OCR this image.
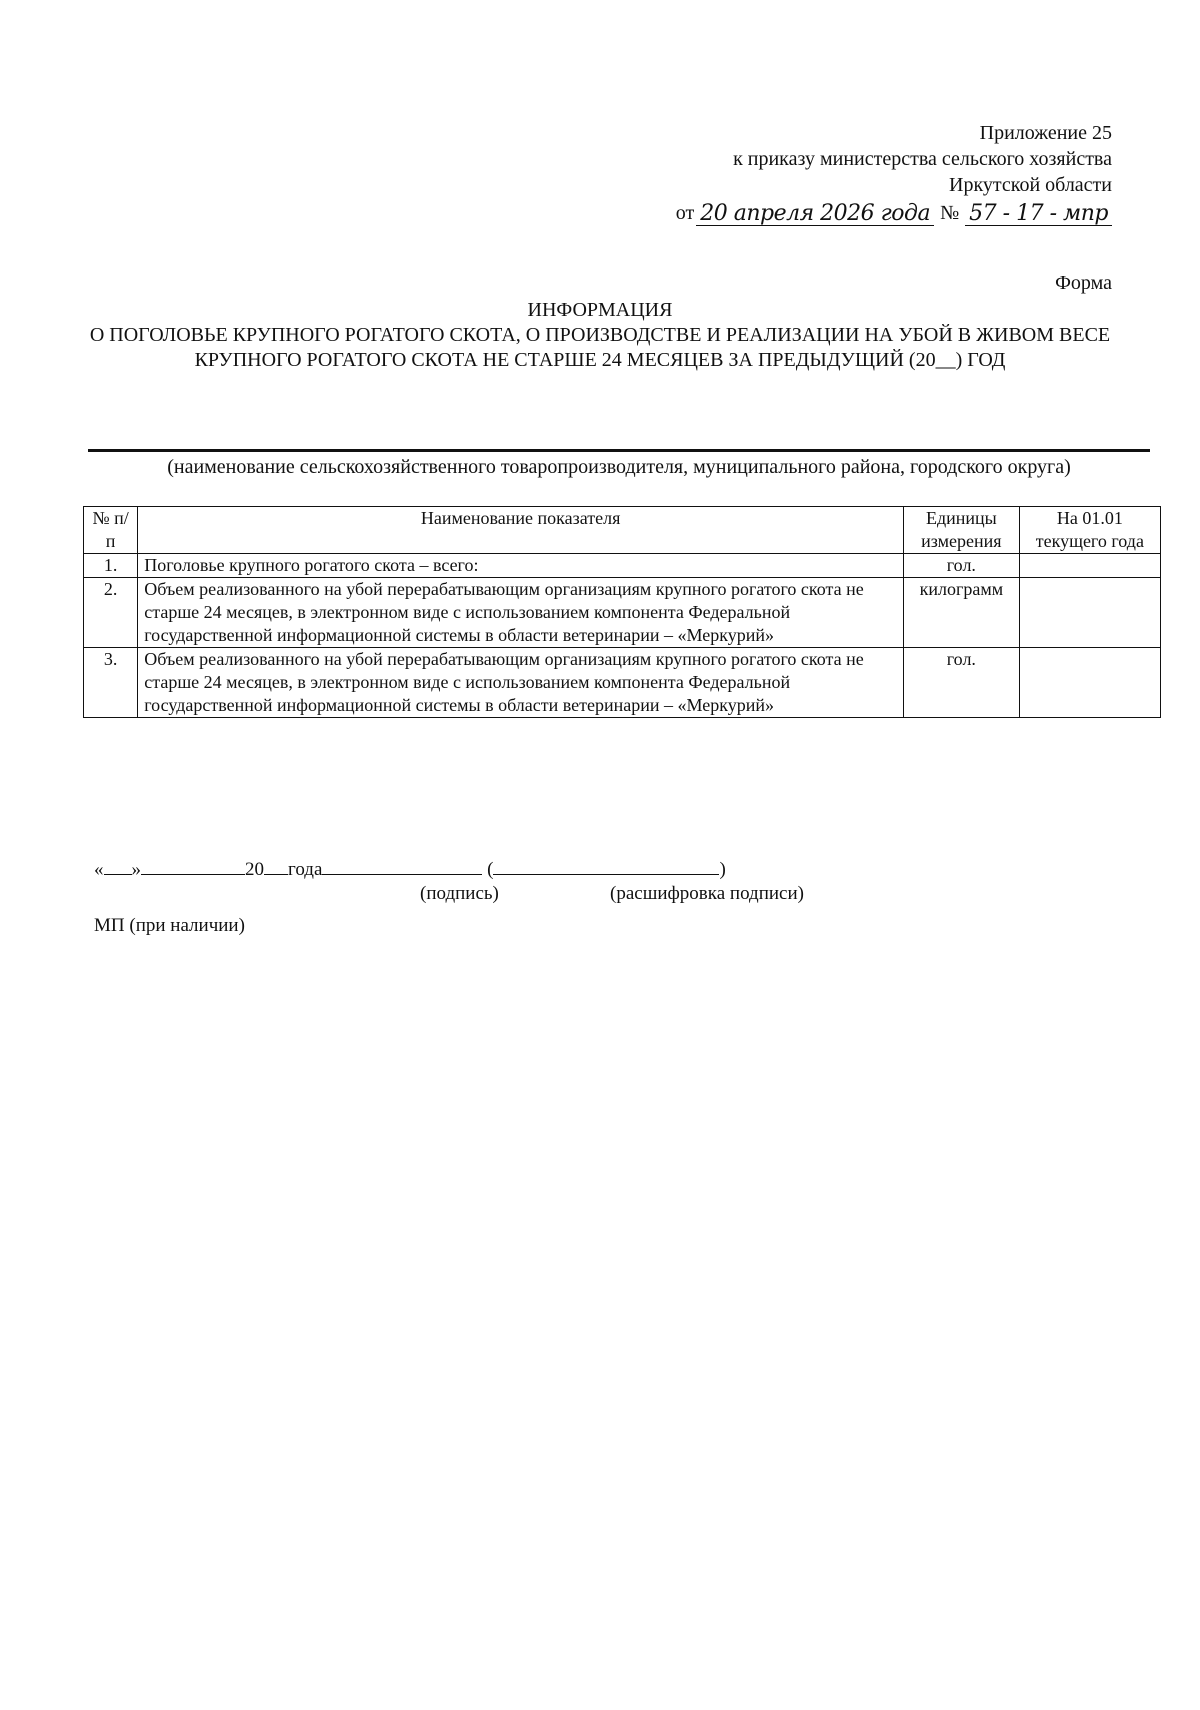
Приложение 25
к приказу министерства сельского хозяйства
Иркутской области
от 20 апреля 2026 года № 57 - 17 - мпр
Форма
ИНФОРМАЦИЯ
О ПОГОЛОВЬЕ КРУПНОГО РОГАТОГО СКОТА, О ПРОИЗВОДСТВЕ И РЕАЛИЗАЦИИ НА УБОЙ В ЖИВОМ ВЕСЕ КРУПНОГО РОГАТОГО СКОТА НЕ СТАРШЕ 24 МЕСЯЦЕВ ЗА ПРЕДЫДУЩИЙ (20__) ГОД
(наименование сельскохозяйственного товаропроизводителя, муниципального района, городского округа)
№ п/п	Наименование показателя	Единицы измерения	На 01.01 текущего года
1.	Поголовье крупного рогатого скота – всего:	гол.	
2.	Объем реализованного на убой перерабатывающим организациям крупного рогатого скота не старше 24 месяцев, в электронном виде с использованием компонента Федеральной государственной информационной системы в области ветеринарии – «Меркурий»	килограмм	
3.	Объем реализованного на убой перерабатывающим организациям крупного рогатого скота не старше 24 месяцев, в электронном виде с использованием компонента Федеральной государственной информационной системы в области ветеринарии – «Меркурий»	гол.	
« »	20 года	(	)
(подпись)	(расшифровка подписи)
МП (при наличии)
